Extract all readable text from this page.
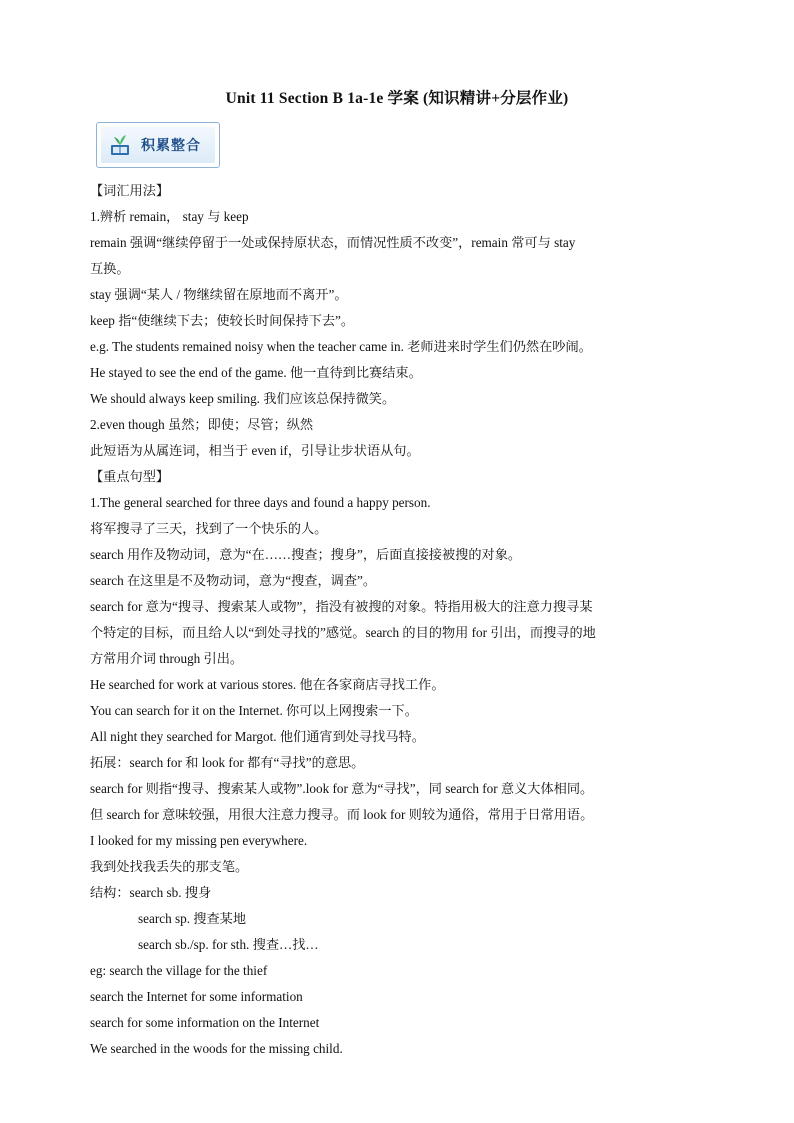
Unit 11 Section B 1a-1e 学案 (知识精讲+分层作业)
积累整合
【词汇用法】
1.辨析 remain， stay 与 keep
remain 强调“继续停留于一处或保持原状态，而情况性质不改变”，remain 常可与 stay
互换。
stay 强调“某人 / 物继续留在原地而不离开”。
keep 指“使继续下去；使较长时间保持下去”。
e.g. The students remained noisy when the teacher came in. 老师进来时学生们仍然在吵闹。
He stayed to see the end of the game. 他一直待到比赛结束。
We should always keep smiling. 我们应该总保持微笑。
2.even though 虽然；即使；尽管；纵然
此短语为从属连词，相当于 even if，引导让步状语从句。
【重点句型】
1.The general searched for three days and found a happy person.
将军搜寻了三天，找到了一个快乐的人。
search 用作及物动词，意为“在……搜查；搜身”，后面直接接被搜的对象。
search 在这里是不及物动词，意为“搜查，调查”。
search for 意为“搜寻、搜索某人或物”，指没有被搜的对象。特指用极大的注意力搜寻某
个特定的目标，而且给人以“到处寻找的”感觉。search 的目的物用 for 引出，而搜寻的地
方常用介词 through 引出。
He searched for work at various stores. 他在各家商店寻找工作。
You can search for it on the Internet. 你可以上网搜索一下。
All night they searched for Margot. 他们通宵到处寻找马特。
拓展：search for 和 look for 都有“寻找”的意思。
search for 则指“搜寻、搜索某人或物”.look for 意为“寻找”，同 search for 意义大体相同。
但 search for 意味较强，用很大注意力搜寻。而 look for 则较为通俗，常用于日常用语。
I looked for my missing pen everywhere.
我到处找我丢失的那支笔。
结构：search sb. 搜身
search sp. 搜查某地
search sb./sp. for sth. 搜查…找…
eg: search the village for the thief
search the Internet for some information
search for some information on the Internet
We searched in the woods for the missing child.
